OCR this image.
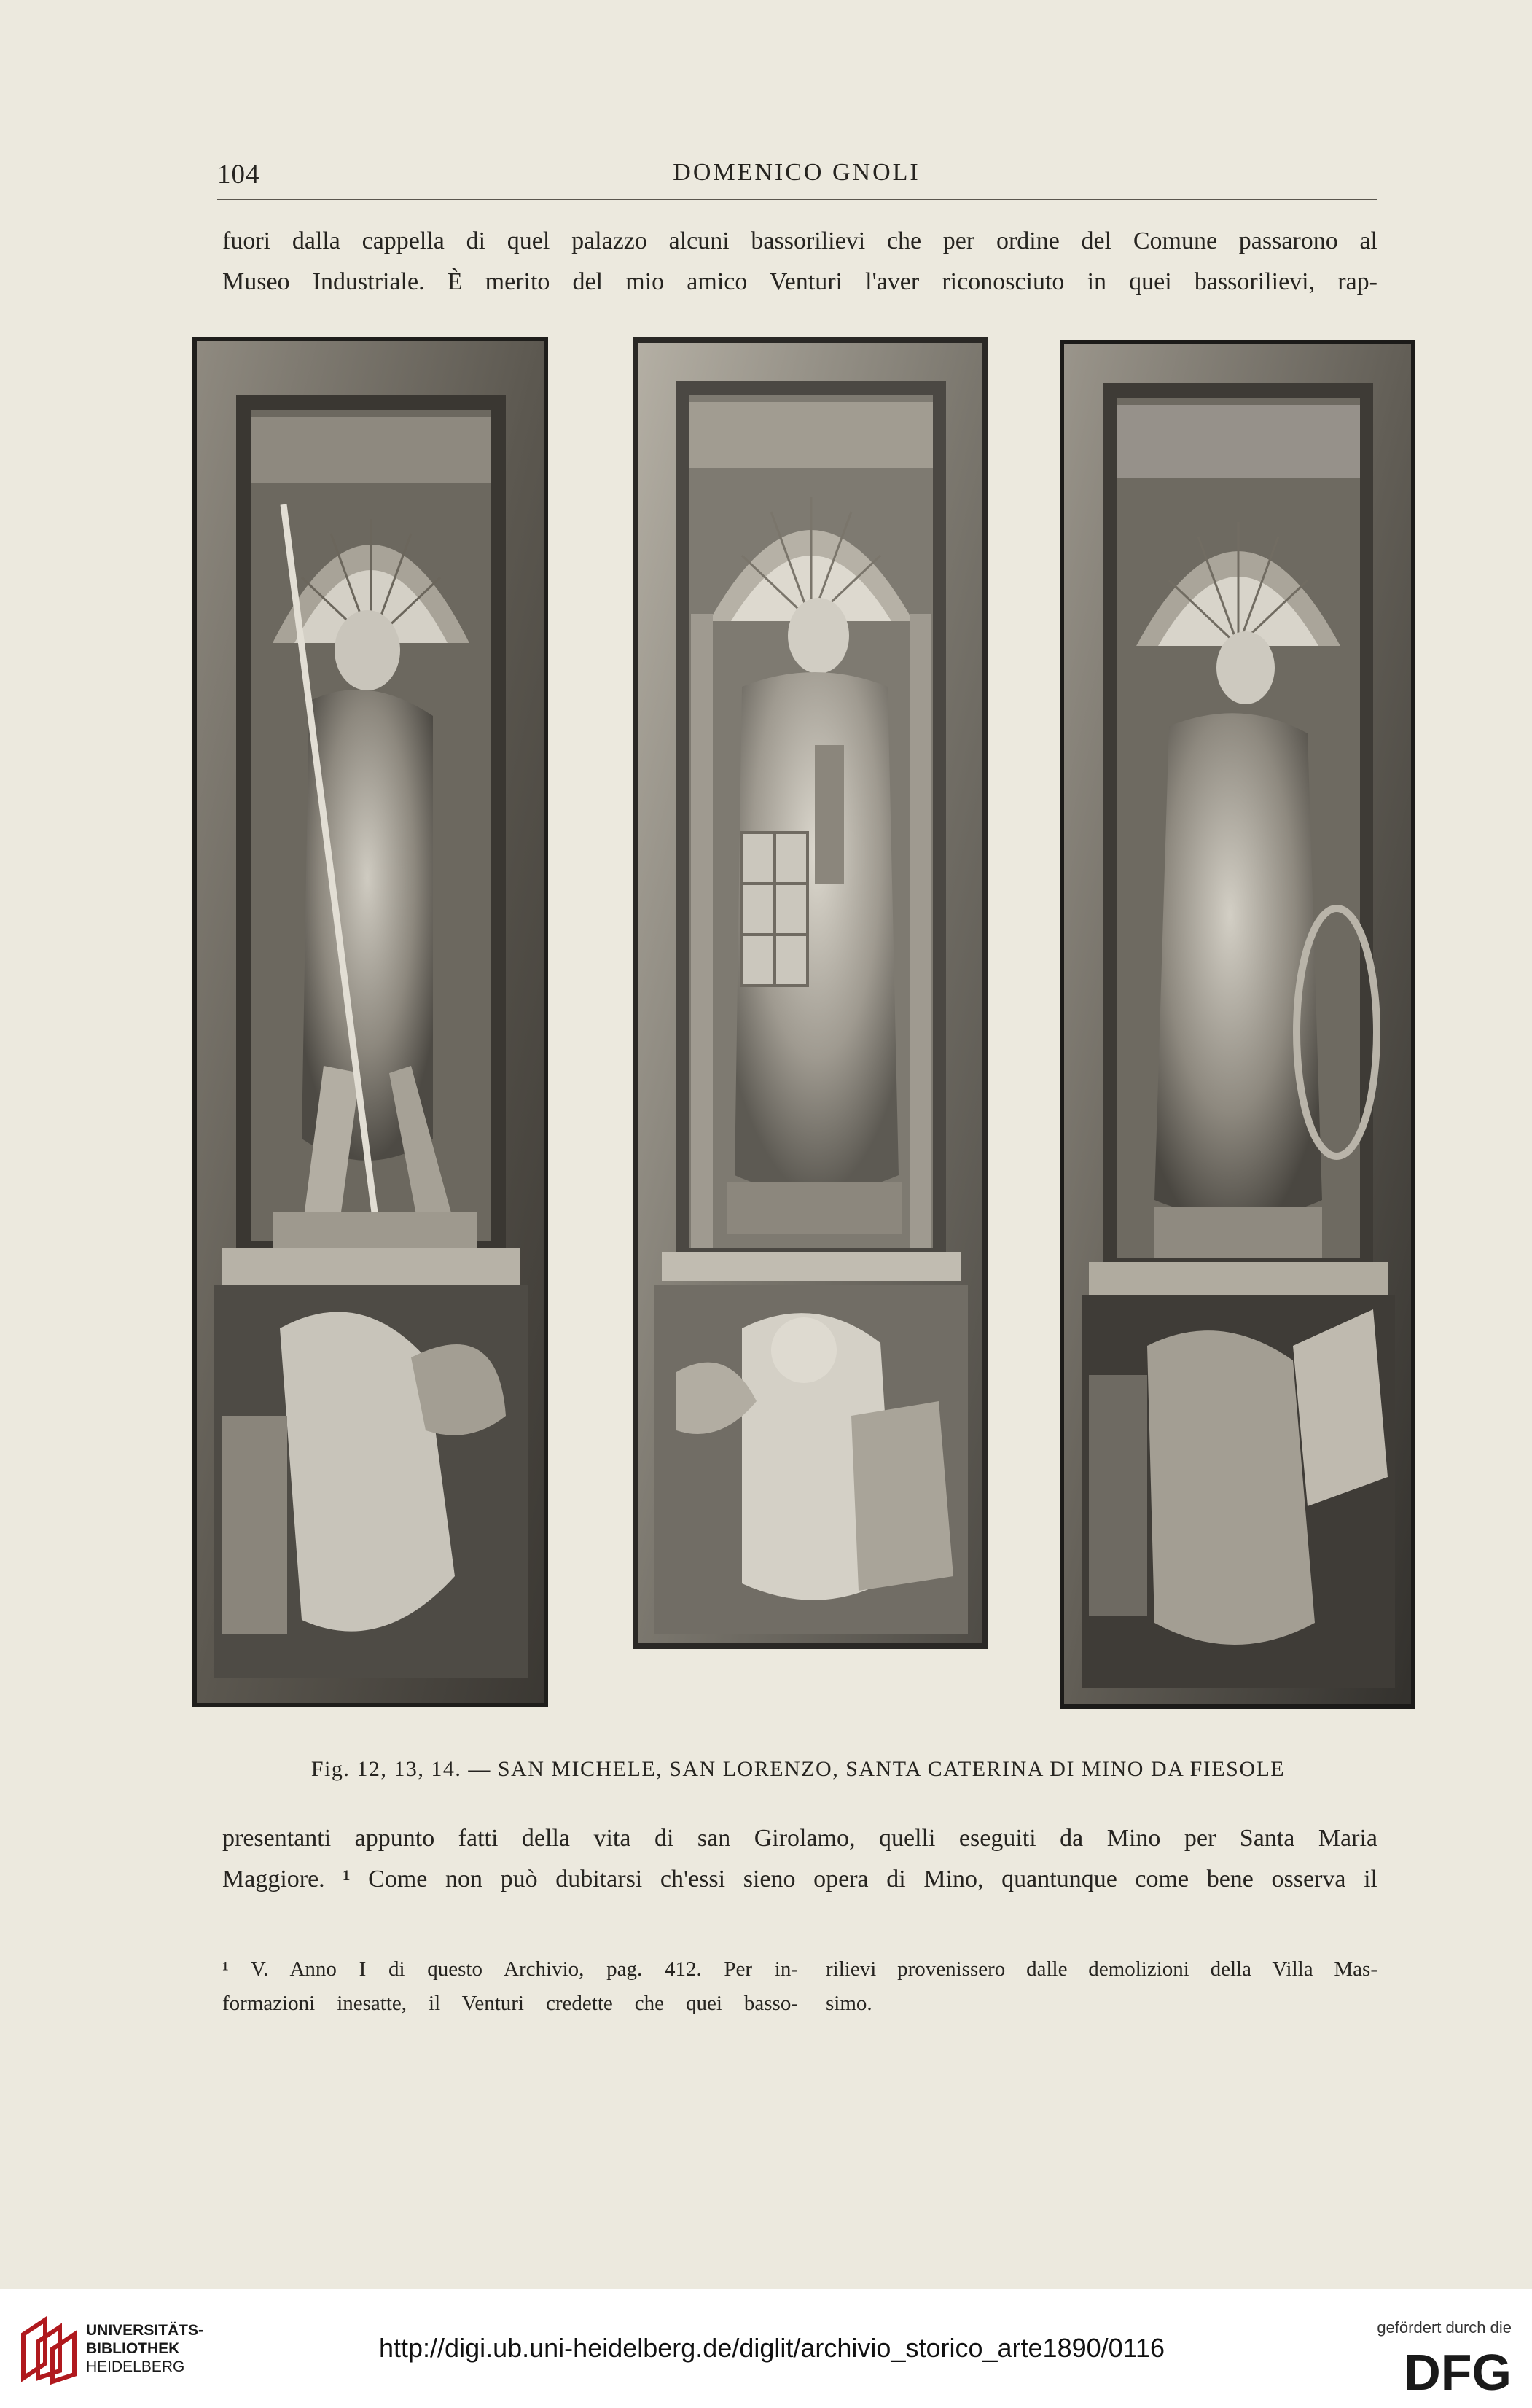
104	DOMENICO GNOLI
fuori dalla cappella di quel palazzo alcuni bassorilievi che per ordine del Comune passarono al
Museo Industriale. È merito del mio amico Venturi l'aver riconosciuto in quei bassorilievi, rap-
Fig. 12, 13, 14. — SAN MICHELE, SAN LORENZO, SANTA CATERINA DI MINO DA FIESOLE
presentanti appunto fatti della vita di san Girolamo, quelli eseguiti da Mino per Santa Maria
Maggiore. ¹ Come non può dubitarsi ch'essi sieno opera di Mino, quantunque come bene osserva il
¹ V. Anno I di questo Archivio, pag. 412. Per in-
formazioni inesatte, il Venturi credette che quei basso-
rilievi provenissero dalle demolizioni della Villa Mas-
simo.
UNIVERSITÄTS-
BIBLIOTHEK
HEIDELBERG
http://digi.ub.uni-heidelberg.de/diglit/archivio_storico_arte1890/0116
gefördert durch die
DFG
